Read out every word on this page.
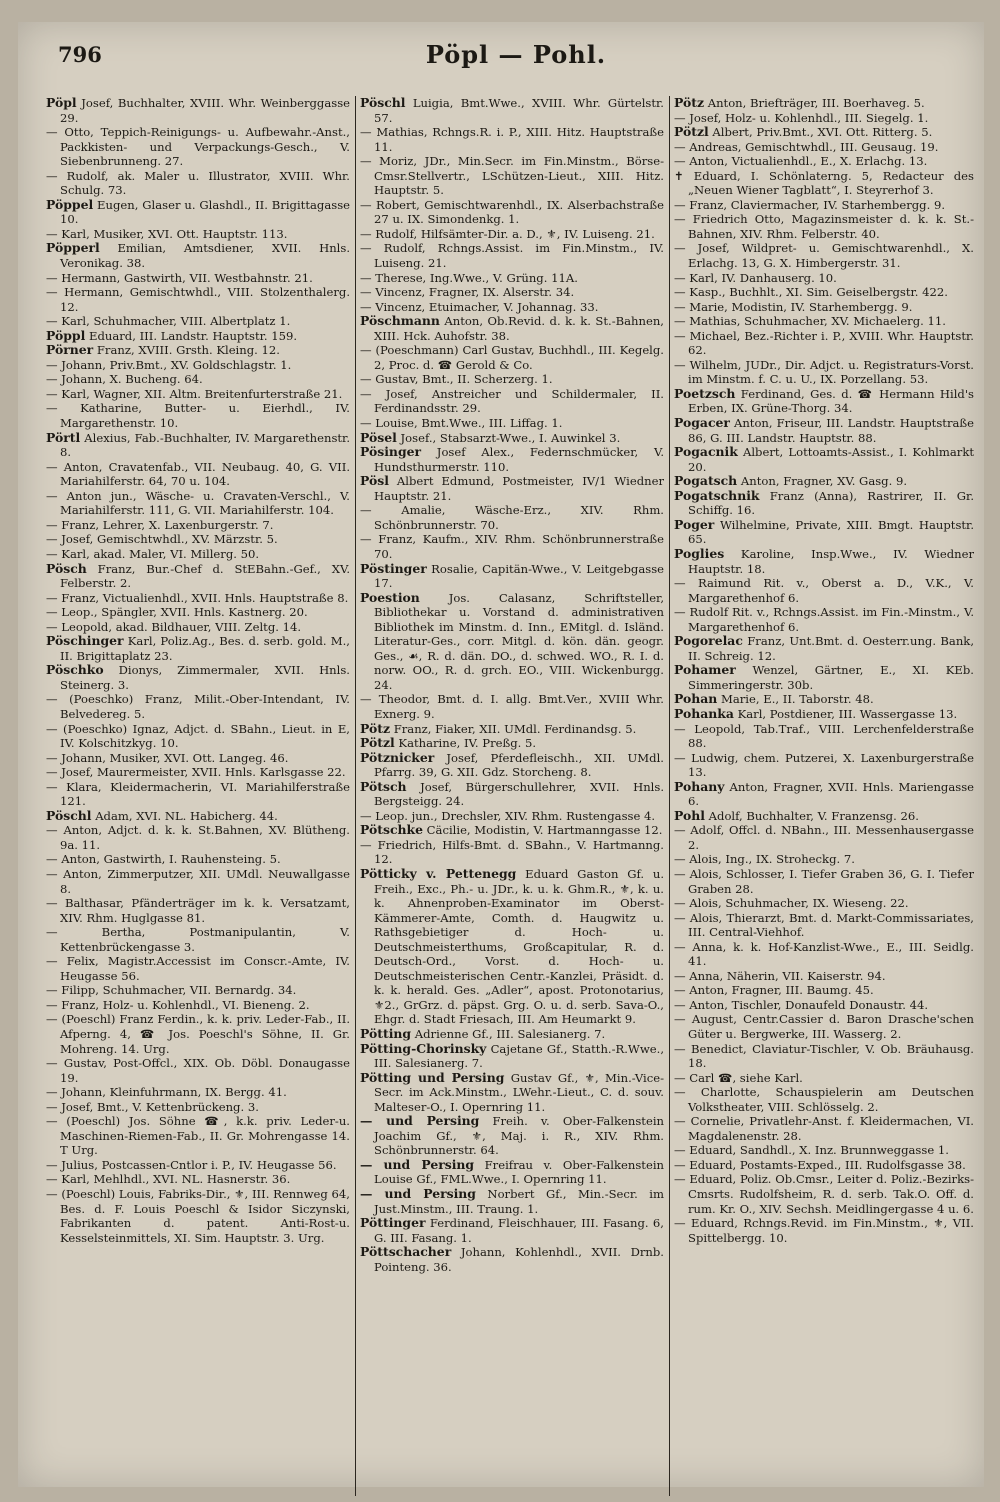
796	Pöpl — Pohl.

Pöpl Josef, Buchhalter, XVIII. Whr. Weinberggasse 29.

— Otto, Teppich-Reinigungs- u. Aufbewahr.-Anst., Packkisten- und Verpackungs-Gesch., V. Siebenbrunneng. 27.

— Rudolf, ak. Maler u. Illustrator, XVIII. Whr. Schulg. 73.

Pöppel Eugen, Glaser u. Glashdl., II. Brigittagasse 10.

— Karl, Musiker, XVI. Ott. Hauptstr. 113.

Pöpperl Emilian, Amtsdiener, XVII. Hnls. Veronikag. 38.

— Hermann, Gastwirth, VII. Westbahnstr. 21.

— Hermann, Gemischtwhdl., VIII. Stolzenthalerg. 12.

— Karl, Schuhmacher, VIII. Albertplatz 1.

Pöppl Eduard, III. Landstr. Hauptstr. 159.

Pörner Franz, XVIII. Grsth. Kleing. 12.

— Johann, Priv.Bmt., XV. Goldschlagstr. 1.

— Johann, X. Bucheng. 64.

— Karl, Wagner, XII. Altm. Breitenfurterstraße 21.

— Katharine, Butter- u. Eierhdl., IV. Margarethenstr. 10.

Pörtl Alexius, Fab.-Buchhalter, IV. Margarethenstr. 8.

— Anton, Cravatenfab., VII. Neubaug. 40, G. VII. Mariahilferstr. 64, 70 u. 104.

— Anton jun., Wäsche- u. Cravaten-Verschl., V. Mariahilferstr. 111, G. VII. Mariahilferstr. 104.

— Franz, Lehrer, X. Laxenburgerstr. 7.

— Josef, Gemischtwhdl., XV. Märzstr. 5.

— Karl, akad. Maler, VI. Millerg. 50.

Pösch Franz, Bur.-Chef d. StEBahn.-Gef., XV. Felberstr. 2.

— Franz, Victualienhdl., XVII. Hnls. Hauptstraße 8.

— Leop., Spängler, XVII. Hnls. Kastnerg. 20.

— Leopold, akad. Bildhauer, VIII. Zeltg. 14.

Pöschinger Karl, Poliz.Ag., Bes. d. serb. gold. M., II. Brigittaplatz 23.

Pöschko Dionys, Zimmermaler, XVII. Hnls. Steinerg. 3.

— (Poeschko) Franz, Milit.-Ober-Intendant, IV. Belvedereg. 5.

— (Poeschko) Ignaz, Adjct. d. SBahn., Lieut. in E, IV. Kolschitzkyg. 10.

— Johann, Musiker, XVI. Ott. Langeg. 46.

— Josef, Maurermeister, XVII. Hnls. Karlsgasse 22.

— Klara, Kleidermacherin, VI. Mariahilferstraße 121.

Pöschl Adam, XVI. NL. Habicherg. 44.

— Anton, Adjct. d. k. k. St.Bahnen, XV. Blütheng. 9a. 11.

— Anton, Gastwirth, I. Rauhensteing. 5.

— Anton, Zimmerputzer, XII. UMdl. Neuwallgasse 8.

— Balthasar, Pfänderträger im k. k. Versatzamt, XIV. Rhm. Huglgasse 81.

— Bertha, Postmanipulantin, V. Kettenbrückengasse 3.

— Felix, Magistr.Accessist im Conscr.-Amte, IV. Heugasse 56.

— Filipp, Schuhmacher, VII. Bernardg. 34.

— Franz, Holz- u. Kohlenhdl., VI. Bieneng. 2.

— (Poeschl) Franz Ferdin., k. k. priv. Leder-Fab., II. Afperng. 4, ☎ Jos. Poeschl's Söhne, II. Gr. Mohreng. 14. Urg.

— Gustav, Post-Offcl., XIX. Ob. Döbl. Donaugasse 19.

— Johann, Kleinfuhrmann, IX. Bergg. 41.

— Josef, Bmt., V. Kettenbrückeng. 3.

— (Poeschl) Jos. Söhne ☎, k.k. priv. Leder-u. Maschinen-Riemen-Fab., II. Gr. Mohrengasse 14. T Urg.

— Julius, Postcassen-Cntlor i. P., IV. Heugasse 56.

— Karl, Mehlhdl., XVI. NL. Hasnerstr. 36.

— (Poeschl) Louis, Fabriks-Dir., ⚜, III. Rennweg 64, Bes. d. F. Louis Poeschl & Isidor Siczynski, Fabrikanten d. patent. Anti-Rost-u. Kesselsteinmittels, XI. Sim. Hauptstr. 3. Urg.

Pöschl Luigia, Bmt.Wwe., XVIII. Whr. Gürtelstr. 57.

— Mathias, Rchngs.R. i. P., XIII. Hitz. Hauptstraße 11.

— Moriz, JDr., Min.Secr. im Fin.Minstm., Börse-Cmsr.Stellvertr., LSchützen-Lieut., XIII. Hitz. Hauptstr. 5.

— Robert, Gemischtwarenhdl., IX. Alserbachstraße 27 u. IX. Simondenkg. 1.

— Rudolf, Hilfsämter-Dir. a. D., ⚜, IV. Luiseng. 21.

— Rudolf, Rchngs.Assist. im Fin.Minstm., IV. Luiseng. 21.

— Therese, Ing.Wwe., V. Grüng. 11A.

— Vincenz, Fragner, IX. Alserstr. 34.

— Vincenz, Etuimacher, V. Johannag. 33.

Pöschmann Anton, Ob.Revid. d. k. k. St.-Bahnen, XIII. Hck. Auhofstr. 38.

— (Poeschmann) Carl Gustav, Buchhdl., III. Kegelg. 2, Proc. d. ☎ Gerold & Co.

— Gustav, Bmt., II. Scherzerg. 1.

— Josef, Anstreicher und Schildermaler, II. Ferdinandsstr. 29.

— Louise, Bmt.Wwe., III. Liffag. 1.

Pösel Josef., Stabsarzt-Wwe., I. Auwinkel 3.

Pösinger Josef Alex., Federnschmücker, V. Hundsthurmerstr. 110.

Pösl Albert Edmund, Postmeister, IV/1 Wiedner Hauptstr. 21.

— Amalie, Wäsche-Erz., XIV. Rhm. Schönbrunnerstr. 70.

— Franz, Kaufm., XIV. Rhm. Schönbrunnerstraße 70.

Pöstinger Rosalie, Capitän-Wwe., V. Leitgebgasse 17.

Poestion Jos. Calasanz, Schriftsteller, Bibliothekar u. Vorstand d. administrativen Bibliothek im Minstm. d. Inn., EMitgl. d. Isländ. Literatur-Ges., corr. Mitgl. d. kön. dän. geogr. Ges., ☙, R. d. dän. DO., d. schwed. WO., R. I. d. norw. OO., R. d. grch. EO., VIII. Wickenburgg. 24.

— Theodor, Bmt. d. I. allg. Bmt.Ver., XVIII Whr. Exnerg. 9.

Pötz Franz, Fiaker, XII. UMdl. Ferdinandsg. 5.

Pötzl Katharine, IV. Preßg. 5.

Pötznicker Josef, Pferdefleischh., XII. UMdl. Pfarrg. 39, G. XII. Gdz. Storcheng. 8.

Pötsch Josef, Bürgerschullehrer, XVII. Hnls. Bergsteigg. 24.

— Leop. jun., Drechsler, XIV. Rhm. Rustengasse 4.

Pötschke Cäcilie, Modistin, V. Hartmanngasse 12.

— Friedrich, Hilfs-Bmt. d. SBahn., V. Hartmanng. 12.

Pötticky v. Pettenegg Eduard Gaston Gf. u. Freih., Exc., Ph.- u. JDr., k. u. k. Ghm.R., ⚜, k. u. k. Ahnenproben-Examinator im Oberst-Kämmerer-Amte, Comth. d. Haugwitz u. Rathsgebietiger d. Hoch- u. Deutschmeisterthums, Großcapitular, R. d. Deutsch-Ord., Vorst. d. Hoch- u. Deutschmeisterischen Centr.-Kanzlei, Präsidt. d. k. k. herald. Ges. „Adler“, apost. Protonotarius, ⚜2., GrGrz. d. päpst. Grg. O. u. d. serb. Sava-O., Ehgr. d. Stadt Friesach, III. Am Heumarkt 9.

Pötting Adrienne Gf., III. Salesianerg. 7.

Pötting-Chorinsky Cajetane Gf., Statth.-R.Wwe., III. Salesianerg. 7.

Pötting und Persing Gustav Gf., ⚜, Min.-Vice-Secr. im Ack.Minstm., LWehr.-Lieut., C. d. souv. Malteser-O., I. Opernring 11.

— und Persing Freih. v. Ober-Falkenstein Joachim Gf., ⚜, Maj. i. R., XIV. Rhm. Schönbrunnerstr. 64.

— und Persing Freifrau v. Ober-Falkenstein Louise Gf., FML.Wwe., I. Opernring 11.

— und Persing Norbert Gf., Min.-Secr. im Just.Minstm., III. Traung. 1.

Pöttinger Ferdinand, Fleischhauer, III. Fasang. 6, G. III. Fasang. 1.

Pöttschacher Johann, Kohlenhdl., XVII. Drnb. Pointeng. 36.

Pötz Anton, Briefträger, III. Boerhaveg. 5.

— Josef, Holz- u. Kohlenhdl., III. Siegelg. 1.

Pötzl Albert, Priv.Bmt., XVI. Ott. Ritterg. 5.

— Andreas, Gemischtwhdl., III. Geusaug. 19.

— Anton, Victualienhdl., E., X. Erlachg. 13.

✝ Eduard, I. Schönlaterng. 5, Redacteur des „Neuen Wiener Tagblatt“, I. Steyrerhof 3.

— Franz, Claviermacher, IV. Starhembergg. 9.

— Friedrich Otto, Magazinsmeister d. k. k. St.-Bahnen, XIV. Rhm. Felberstr. 40.

— Josef, Wildpret- u. Gemischtwarenhdl., X. Erlachg. 13, G. X. Himbergerstr. 31.

— Karl, IV. Danhauserg. 10.

— Kasp., Buchhlt., XI. Sim. Geiselbergstr. 422.

— Marie, Modistin, IV. Starhembergg. 9.

— Mathias, Schuhmacher, XV. Michaelerg. 11.

— Michael, Bez.-Richter i. P., XVIII. Whr. Hauptstr. 62.

— Wilhelm, JUDr., Dir. Adjct. u. Registraturs-Vorst. im Minstm. f. C. u. U., IX. Porzellang. 53.

Poetzsch Ferdinand, Ges. d. ☎ Hermann Hild's Erben, IX. Grüne-Thorg. 34.

Pogacer Anton, Friseur, III. Landstr. Hauptstraße 86, G. III. Landstr. Hauptstr. 88.

Pogacnik Albert, Lottoamts-Assist., I. Kohlmarkt 20.

Pogatsch Anton, Fragner, XV. Gasg. 9.

Pogatschnik Franz (Anna), Rastrirer, II. Gr. Schiffg. 16.

Poger Wilhelmine, Private, XIII. Bmgt. Hauptstr. 65.

Poglies Karoline, Insp.Wwe., IV. Wiedner Hauptstr. 18.

— Raimund Rit. v., Oberst a. D., V.K., V. Margarethenhof 6.

— Rudolf Rit. v., Rchngs.Assist. im Fin.-Minstm., V. Margarethenhof 6.

Pogorelac Franz, Unt.Bmt. d. Oesterr.ung. Bank, II. Schreig. 12.

Pohamer Wenzel, Gärtner, E., XI. KEb. Simmeringerstr. 30b.

Pohan Marie, E., II. Taborstr. 48.

Pohanka Karl, Postdiener, III. Wassergasse 13.

— Leopold, Tab.Traf., VIII. Lerchenfelderstraße 88.

— Ludwig, chem. Putzerei, X. Laxenburgerstraße 13.

Pohany Anton, Fragner, XVII. Hnls. Mariengasse 6.

Pohl Adolf, Buchhalter, V. Franzensg. 26.

— Adolf, Offcl. d. NBahn., III. Messenhausergasse 2.

— Alois, Ing., IX. Stroheckg. 7.

— Alois, Schlosser, I. Tiefer Graben 36, G. I. Tiefer Graben 28.

— Alois, Schuhmacher, IX. Wieseng. 22.

— Alois, Thierarzt, Bmt. d. Markt-Commissariates, III. Central-Viehhof.

— Anna, k. k. Hof-Kanzlist-Wwe., E., III. Seidlg. 41.

— Anna, Näherin, VII. Kaiserstr. 94.

— Anton, Fragner, III. Baumg. 45.

— Anton, Tischler, Donaufeld Donaustr. 44.

— August, Centr.Cassier d. Baron Drasche'schen Güter u. Bergwerke, III. Wasserg. 2.

— Benedict, Claviatur-Tischler, V. Ob. Bräuhausg. 18.

— Carl ☎, siehe Karl.

— Charlotte, Schauspielerin am Deutschen Volkstheater, VIII. Schlösselg. 2.

— Cornelie, Privatlehr-Anst. f. Kleidermachen, VI. Magdalenenstr. 28.

— Eduard, Sandhdl., X. Inz. Brunnweggasse 1.

— Eduard, Postamts-Exped., III. Rudolfsgasse 38.

— Eduard, Poliz. Ob.Cmsr., Leiter d. Poliz.-Bezirks-Cmsrts. Rudolfsheim, R. d. serb. Tak.O. Off. d. rum. Kr. O., XIV. Sechsh. Meidlingergasse 4 u. 6.

— Eduard, Rchngs.Revid. im Fin.Minstm., ⚜, VII. Spittelbergg. 10.
